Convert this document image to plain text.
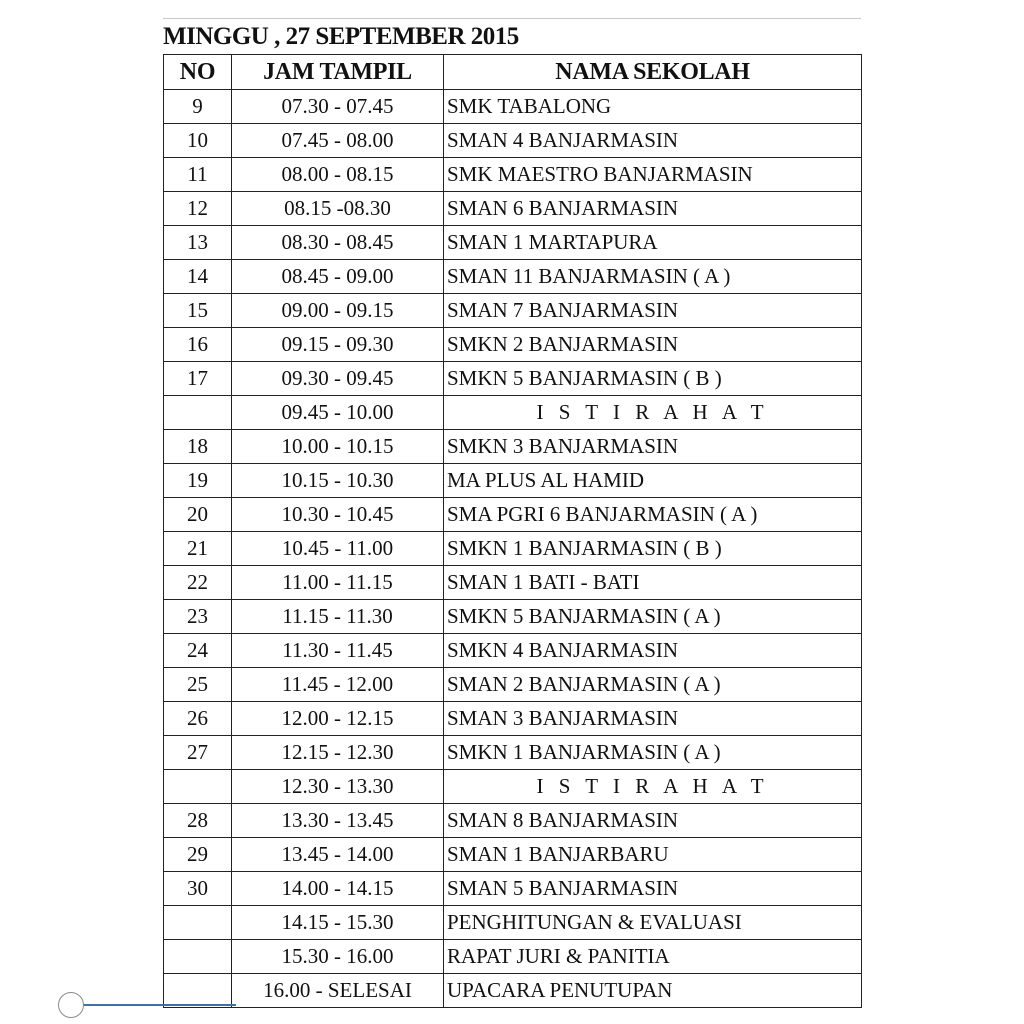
MINGGU , 27 SEPTEMBER 2015
NO	JAM TAMPIL	NAMA SEKOLAH
9	07.30 - 07.45	SMK TABALONG
10	07.45 - 08.00	SMAN 4 BANJARMASIN
11	08.00 - 08.15	SMK MAESTRO BANJARMASIN
12	08.15 -08.30	SMAN 6 BANJARMASIN
13	08.30 - 08.45	SMAN 1 MARTAPURA
14	08.45 - 09.00	SMAN 11 BANJARMASIN ( A )
15	09.00 - 09.15	SMAN 7 BANJARMASIN
16	09.15 - 09.30	SMKN 2 BANJARMASIN
17	09.30 - 09.45	SMKN 5 BANJARMASIN ( B )
	09.45 - 10.00	I S T I R A H A T
18	10.00 - 10.15	SMKN 3 BANJARMASIN
19	10.15 - 10.30	MA PLUS AL HAMID
20	10.30 - 10.45	SMA PGRI 6 BANJARMASIN ( A )
21	10.45 - 11.00	SMKN 1 BANJARMASIN ( B )
22	11.00 - 11.15	SMAN 1 BATI - BATI
23	11.15 - 11.30	SMKN 5 BANJARMASIN ( A )
24	11.30 - 11.45	SMKN 4 BANJARMASIN
25	11.45 - 12.00	SMAN 2 BANJARMASIN ( A )
26	12.00 - 12.15	SMAN 3 BANJARMASIN
27	12.15 - 12.30	SMKN 1 BANJARMASIN ( A )
	12.30 - 13.30	I S T I R A H A T
28	13.30 - 13.45	SMAN 8 BANJARMASIN
29	13.45 - 14.00	SMAN 1 BANJARBARU
30	14.00 - 14.15	SMAN 5 BANJARMASIN
	14.15 - 15.30	PENGHITUNGAN & EVALUASI
	15.30 - 16.00	RAPAT JURI & PANITIA
	16.00 - SELESAI	UPACARA PENUTUPAN
